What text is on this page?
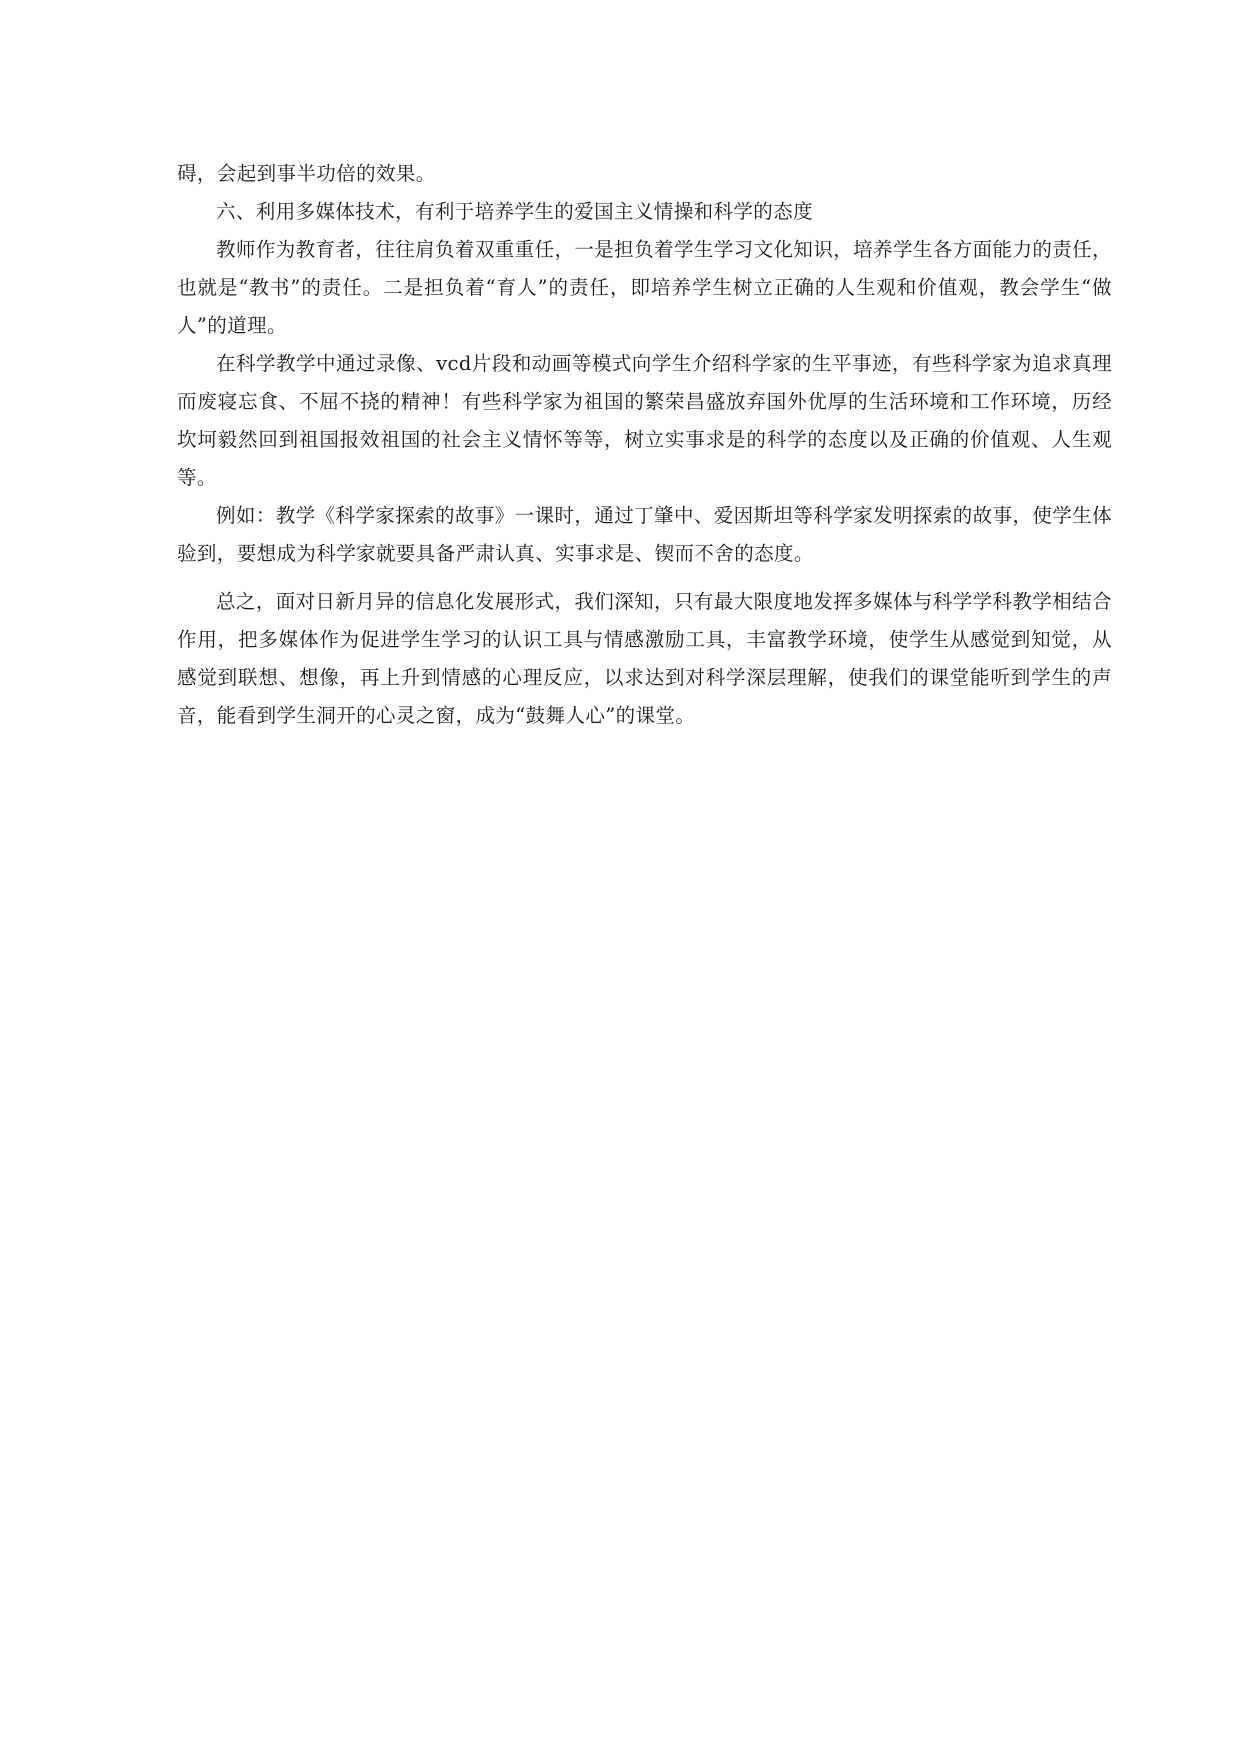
碍，会起到事半功倍的效果。

六、利用多媒体技术，有利于培养学生的爱国主义情操和科学的态度

教师作为教育者，往往肩负着双重重任，一是担负着学生学习文化知识，培养学生各方面能力的责任，也就是“教书”的责任。二是担负着“育人”的责任，即培养学生树立正确的人生观和价值观，教会学生“做人”的道理。

在科学教学中通过录像、vcd片段和动画等模式向学生介绍科学家的生平事迹，有些科学家为追求真理而废寝忘食、不屈不挠的精神！有些科学家为祖国的繁荣昌盛放弃国外优厚的生活环境和工作环境，历经坎坷毅然回到祖国报效祖国的社会主义情怀等等，树立实事求是的科学的态度以及正确的价值观、人生观等。

例如：教学《科学家探索的故事》一课时，通过丁肇中、爱因斯坦等科学家发明探索的故事，使学生体验到，要想成为科学家就要具备严肃认真、实事求是、锲而不舍的态度。

总之，面对日新月异的信息化发展形式，我们深知，只有最大限度地发挥多媒体与科学学科教学相结合作用，把多媒体作为促进学生学习的认识工具与情感激励工具，丰富教学环境，使学生从感觉到知觉，从感觉到联想、想像，再上升到情感的心理反应，以求达到对科学深层理解，使我们的课堂能听到学生的声音，能看到学生洞开的心灵之窗，成为“鼓舞人心”的课堂。
